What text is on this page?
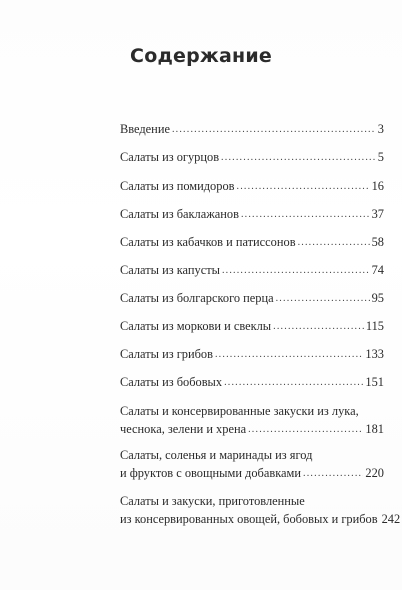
Содержание
Введение .....	3
Салаты из огурцов .....	5
Салаты из помидоров .....	16
Салаты из баклажанов .....	37
Салаты из кабачков и патиссонов .....	58
Салаты из капусты .....	74
Салаты из болгарского перца .....	95
Салаты из моркови и свеклы .....	115
Салаты из грибов .....	133
Салаты из бобовых .....	151
Салаты и консервированные закуски из лука,
чеснока, зелени и хрена .....	181
Салаты, соленья и маринады из ягод
и фруктов с овощными добавками .....	220
Салаты и закуски, приготовленные
из консервированных овощей, бобовых и грибов 242
